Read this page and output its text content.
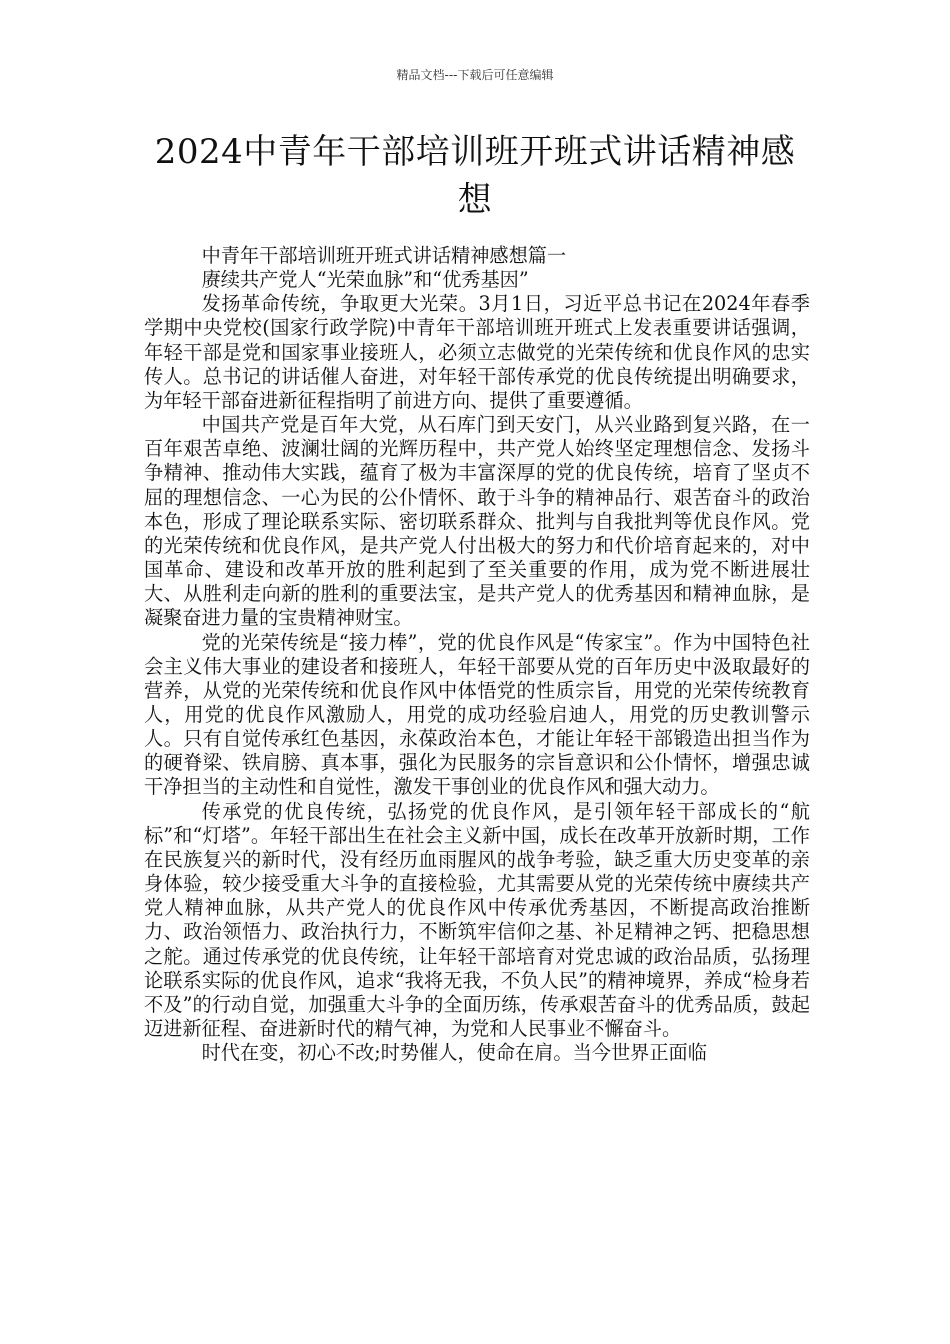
精品文档---下载后可任意编辑
2024中青年干部培训班开班式讲话精神感想

中青年干部培训班开班式讲话精神感想篇一

赓续共产党人“光荣血脉”和“优秀基因”

发扬革命传统，争取更大光荣。3月1日，习近平总书记在2024年春季学期中央党校(国家行政学院)中青年干部培训班开班式上发表重要讲话强调，年轻干部是党和国家事业接班人，必须立志做党的光荣传统和优良作风的忠实传人。总书记的讲话催人奋进，对年轻干部传承党的优良传统提出明确要求，为年轻干部奋进新征程指明了前进方向、提供了重要遵循。

中国共产党是百年大党，从石库门到天安门，从兴业路到复兴路，在一百年艰苦卓绝、波澜壮阔的光辉历程中，共产党人始终坚定理想信念、发扬斗争精神、推动伟大实践，蕴育了极为丰富深厚的党的优良传统，培育了坚贞不屈的理想信念、一心为民的公仆情怀、敢于斗争的精神品行、艰苦奋斗的政治本色，形成了理论联系实际、密切联系群众、批判与自我批判等优良作风。党的光荣传统和优良作风，是共产党人付出极大的努力和代价培育起来的，对中国革命、建设和改革开放的胜利起到了至关重要的作用，成为党不断进展壮大、从胜利走向新的胜利的重要法宝，是共产党人的优秀基因和精神血脉，是凝聚奋进力量的宝贵精神财宝。

党的光荣传统是“接力棒”，党的优良作风是“传家宝”。作为中国特色社会主义伟大事业的建设者和接班人，年轻干部要从党的百年历史中汲取最好的营养，从党的光荣传统和优良作风中体悟党的性质宗旨，用党的光荣传统教育人，用党的优良作风激励人，用党的成功经验启迪人，用党的历史教训警示人。只有自觉传承红色基因，永葆政治本色，才能让年轻干部锻造出担当作为的硬脊梁、铁肩膀、真本事，强化为民服务的宗旨意识和公仆情怀，增强忠诚干净担当的主动性和自觉性，激发干事创业的优良作风和强大动力。

传承党的优良传统，弘扬党的优良作风，是引领年轻干部成长的“航标”和“灯塔”。年轻干部出生在社会主义新中国，成长在改革开放新时期，工作在民族复兴的新时代，没有经历血雨腥风的战争考验，缺乏重大历史变革的亲身体验，较少接受重大斗争的直接检验，尤其需要从党的光荣传统中赓续共产党人精神血脉，从共产党人的优良作风中传承优秀基因，不断提高政治推断力、政治领悟力、政治执行力，不断筑牢信仰之基、补足精神之钙、把稳思想之舵。通过传承党的优良传统，让年轻干部培育对党忠诚的政治品质，弘扬理论联系实际的优良作风，追求“我将无我，不负人民”的精神境界，养成“检身若不及”的行动自觉，加强重大斗争的全面历练，传承艰苦奋斗的优秀品质，鼓起迈进新征程、奋进新时代的精气神，为党和人民事业不懈奋斗。

时代在变，初心不改;时势催人，使命在肩。当今世界正面临
